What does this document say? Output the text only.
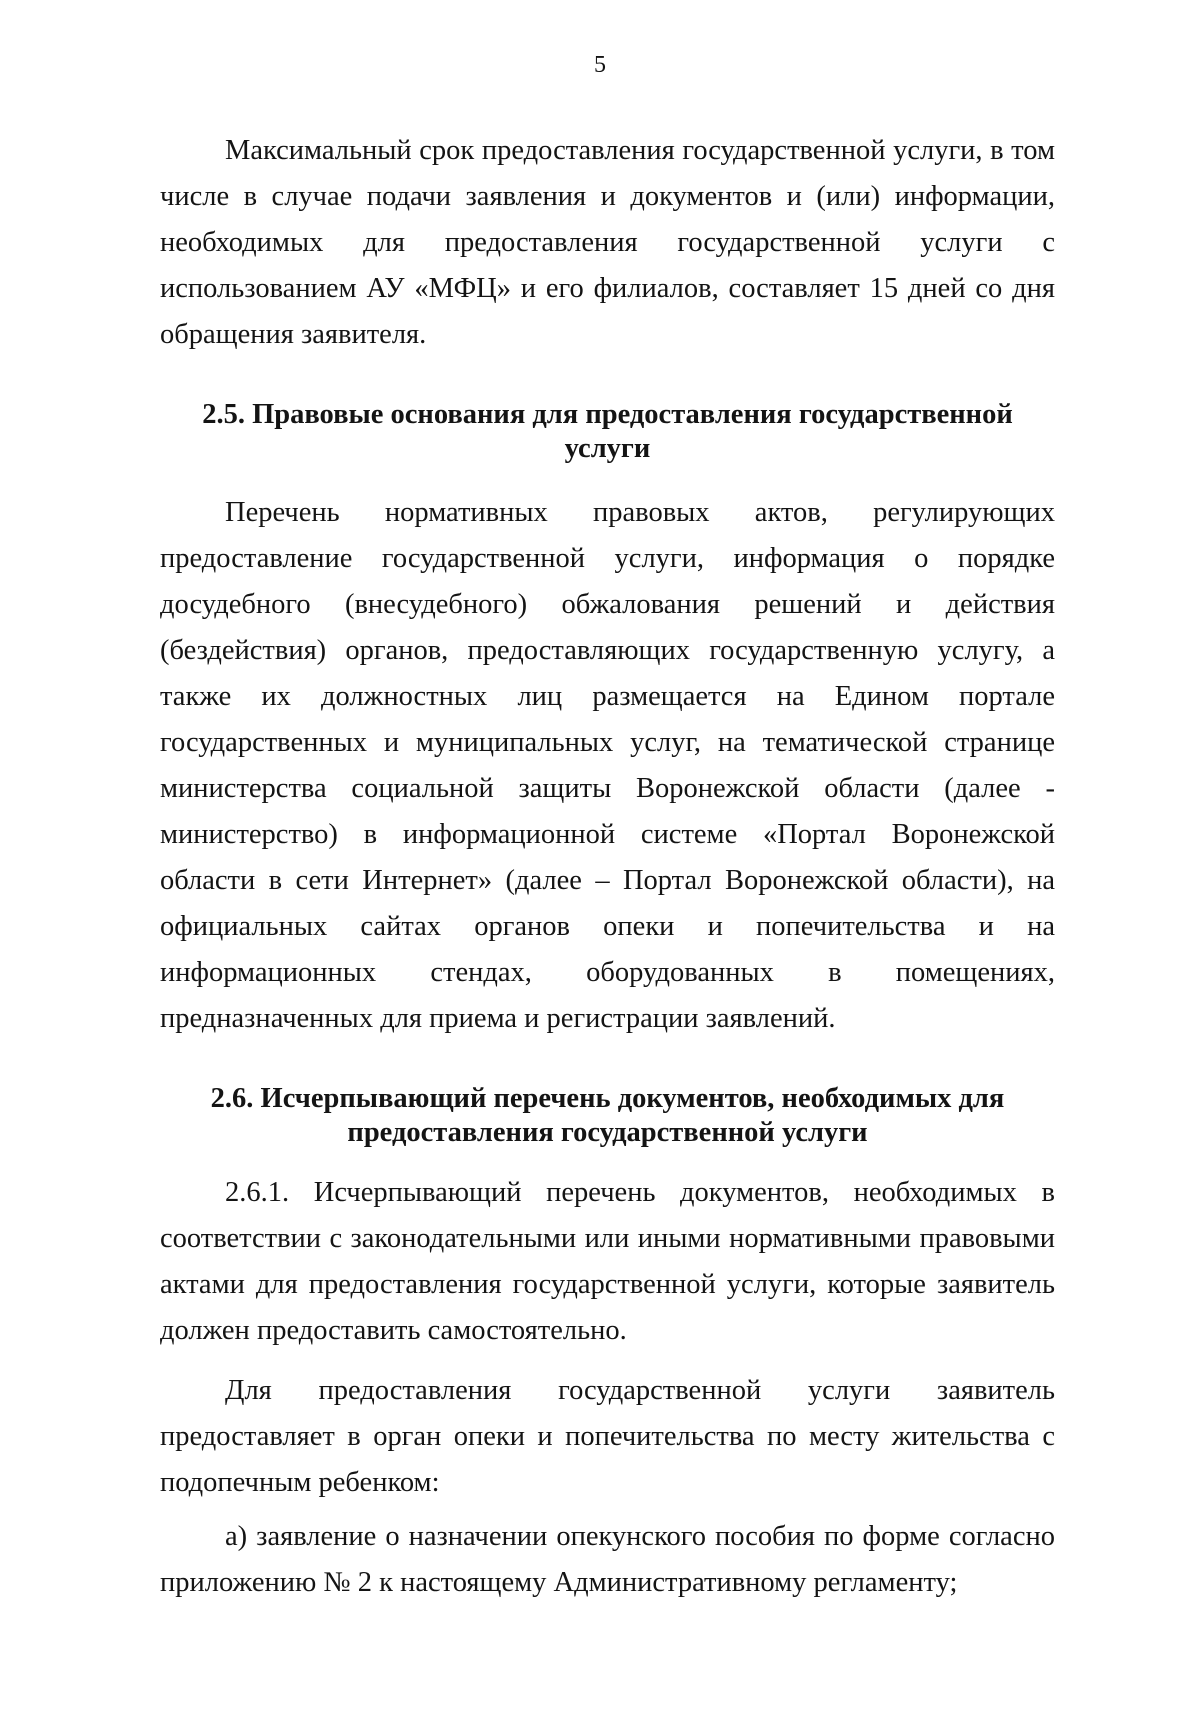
5

Максимальный срок предоставления государственной услуги, в том числе в случае подачи заявления и документов и (или) информации, необходимых для предоставления государственной услуги с использованием АУ «МФЦ» и его филиалов, составляет 15 дней со дня обращения заявителя.

2.5. Правовые основания для предоставления государственной
услуги

Перечень нормативных правовых актов, регулирующих предоставление государственной услуги, информация о порядке досудебного (внесудебного) обжалования решений и действия (бездействия) органов, предоставляющих государственную услугу, а также их должностных лиц размещается на Едином портале государственных и муниципальных услуг, на тематической странице министерства социальной защиты Воронежской области (далее - министерство) в информационной системе «Портал Воронежской области в сети Интернет» (далее – Портал Воронежской области), на официальных сайтах органов опеки и попечительства и на информационных стендах, оборудованных в помещениях, предназначенных для приема и регистрации заявлений.

2.6. Исчерпывающий перечень документов, необходимых для
предоставления государственной услуги

2.6.1. Исчерпывающий перечень документов, необходимых в соответствии с законодательными или иными нормативными правовыми актами для предоставления государственной услуги, которые заявитель должен предоставить самостоятельно.

Для предоставления государственной услуги заявитель предоставляет в орган опеки и попечительства по месту жительства с подопечным ребенком:

а) заявление о назначении опекунского пособия по форме согласно приложению № 2 к настоящему Административному регламенту;
